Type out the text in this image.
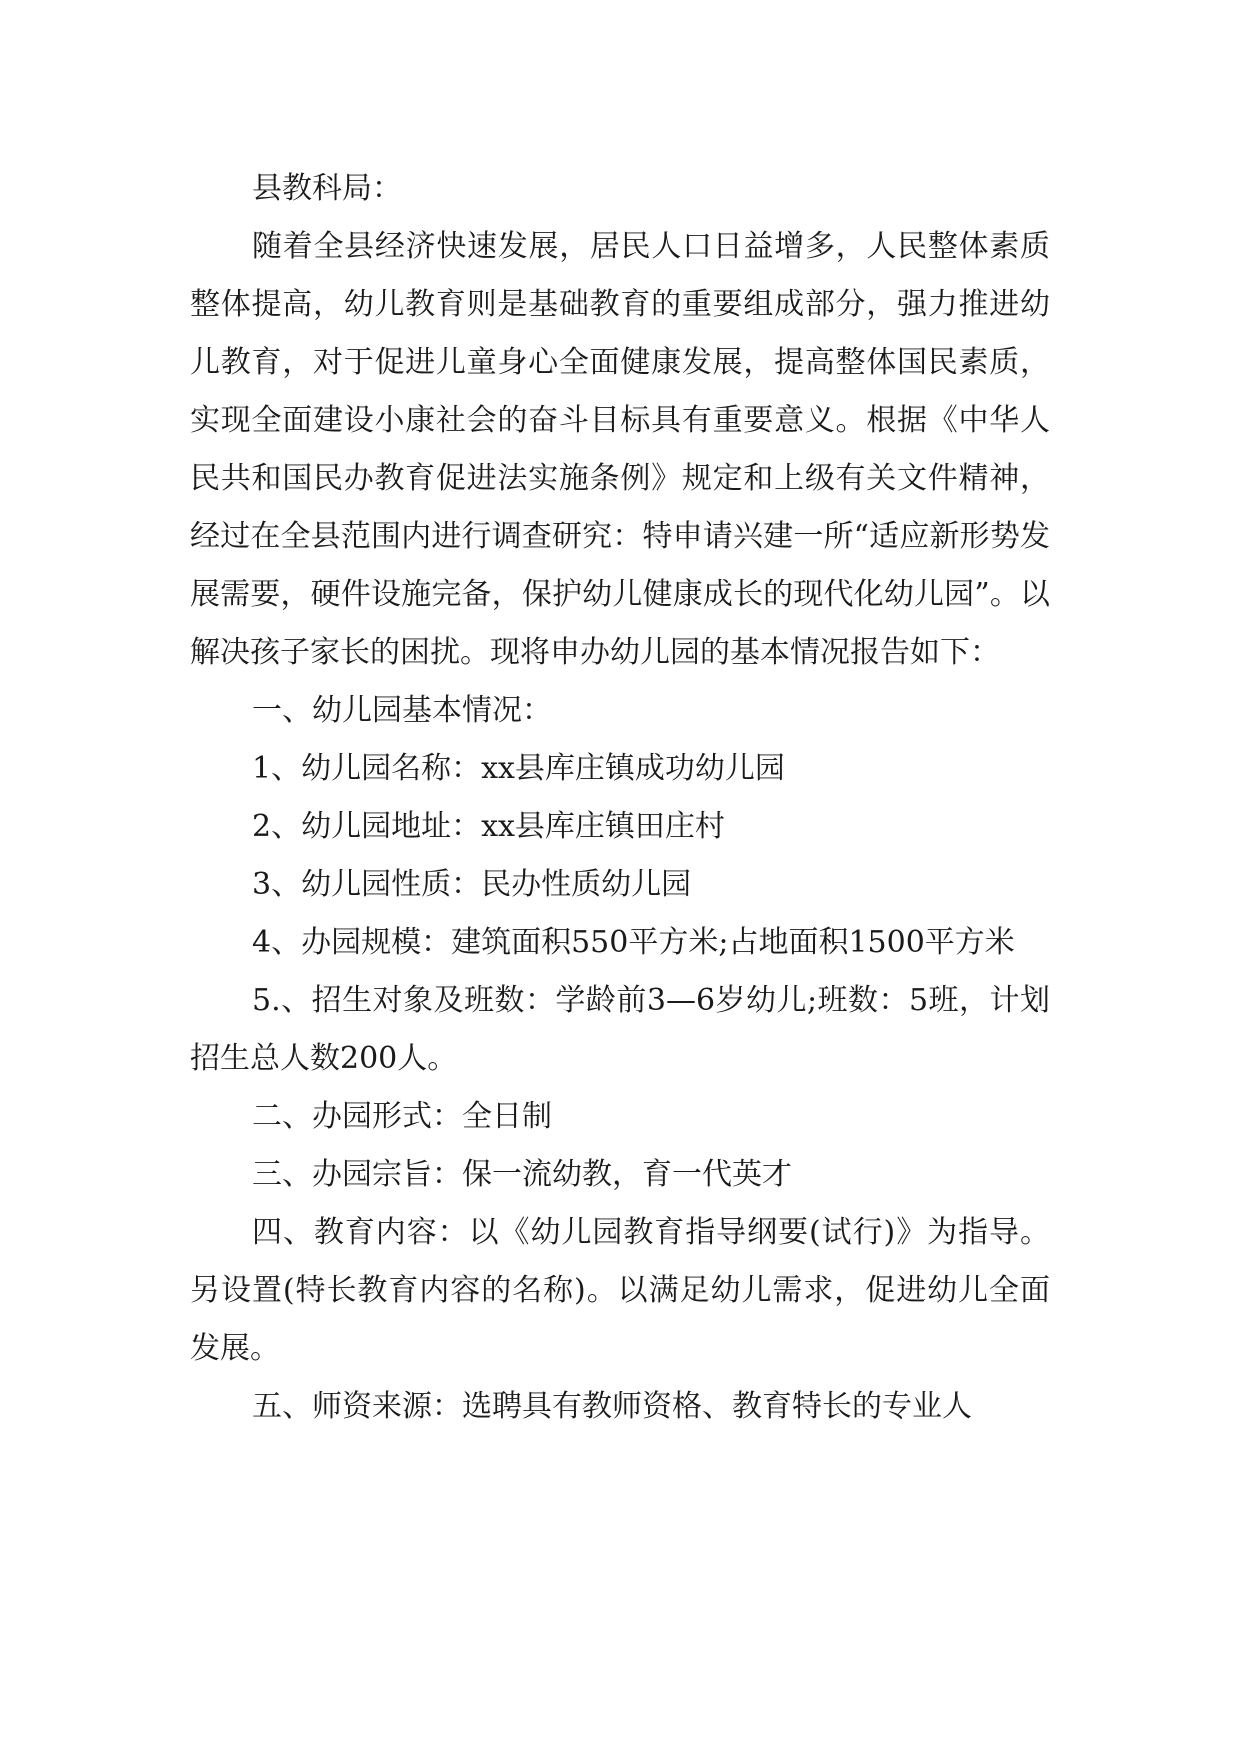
县教科局：

随着全县经济快速发展，居民人口日益增多，人民整体素质整体提高，幼儿教育则是基础教育的重要组成部分，强力推进幼儿教育，对于促进儿童身心全面健康发展，提高整体国民素质，实现全面建设小康社会的奋斗目标具有重要意义。根据《中华人民共和国民办教育促进法实施条例》规定和上级有关文件精神，经过在全县范围内进行调查研究：特申请兴建一所“适应新形势发展需要，硬件设施完备，保护幼儿健康成长的现代化幼儿园”。以解决孩子家长的困扰。现将申办幼儿园的基本情况报告如下：

一、幼儿园基本情况：

1、幼儿园名称：xx县库庄镇成功幼儿园

2、幼儿园地址：xx县库庄镇田庄村

3、幼儿园性质：民办性质幼儿园

4、办园规模：建筑面积550平方米;占地面积1500平方米

5.、招生对象及班数：学龄前3—6岁幼儿;班数：5班，计划招生总人数200人。

二、办园形式：全日制

三、办园宗旨：保一流幼教，育一代英才

四、教育内容：以《幼儿园教育指导纲要(试行)》为指导。另设置(特长教育内容的名称)。以满足幼儿需求，促进幼儿全面发展。

五、师资来源：选聘具有教师资格、教育特长的专业人
